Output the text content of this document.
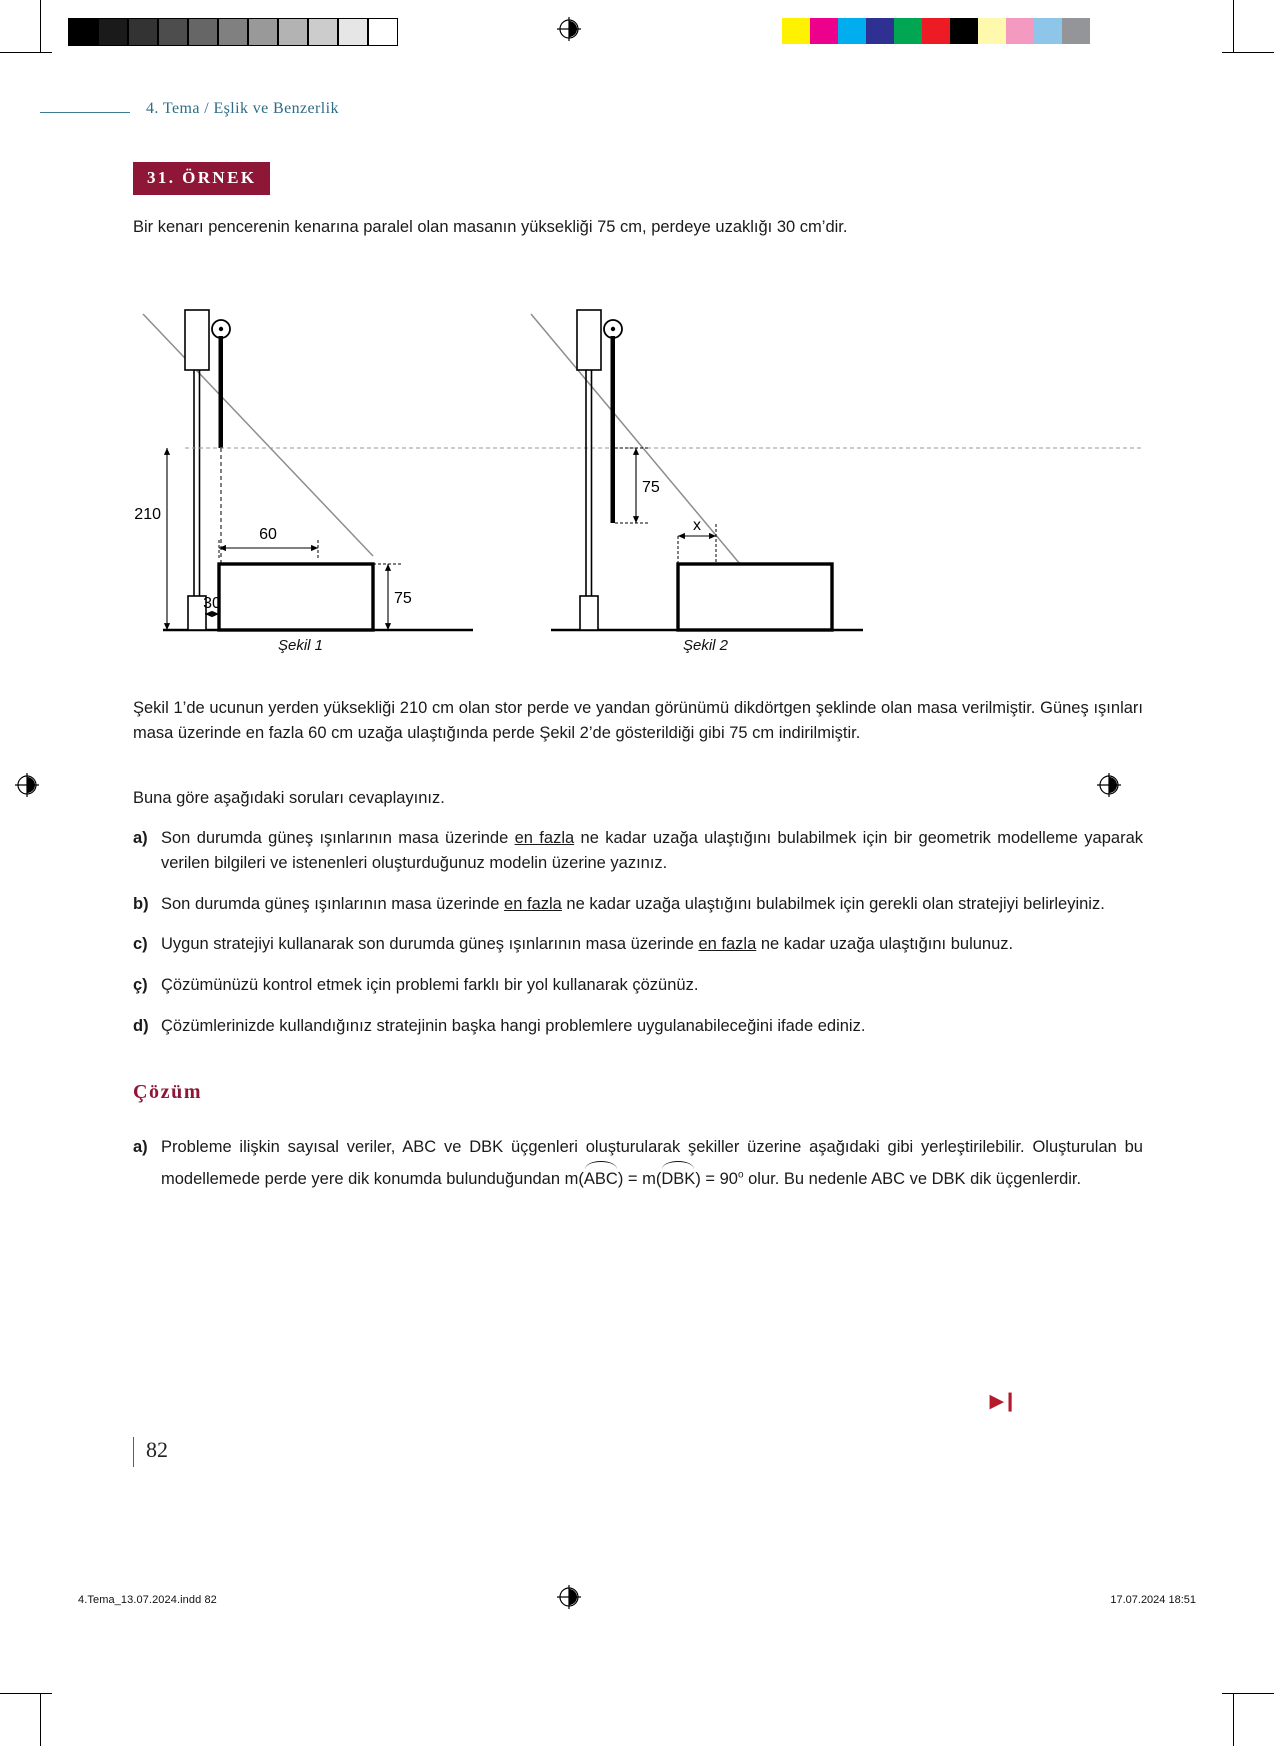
4. Tema / Eşlik ve Benzerlik
31. ÖRNEK
Bir kenarı pencerenin kenarına paralel olan masanın yüksekliği 75 cm, perdeye uzaklığı 30 cm’dir.
210
60
75
30
75
x
Şekil 1	Şekil 2
Şekil 1’de ucunun yerden yüksekliği 210 cm olan stor perde ve yandan görünümü dikdörtgen şeklinde olan masa verilmiştir. Güneş ışınları masa üzerinde en fazla 60 cm uzağa ulaştığında perde Şekil 2’de gösterildiği gibi 75 cm indirilmiştir.
Buna göre aşağıdaki soruları cevaplayınız.
a) Son durumda güneş ışınlarının masa üzerinde en fazla ne kadar uzağa ulaştığını bulabilmek için bir geometrik modelleme yaparak verilen bilgileri ve istenenleri oluşturduğunuz modelin üzerine yazınız.
b) Son durumda güneş ışınlarının masa üzerinde en fazla ne kadar uzağa ulaştığını bulabilmek için gerekli olan stratejiyi belirleyiniz.
c) Uygun stratejiyi kullanarak son durumda güneş ışınlarının masa üzerinde en fazla ne kadar uzağa ulaştığını bulunuz.
ç) Çözümünüzü kontrol etmek için problemi farklı bir yol kullanarak çözünüz.
d) Çözümlerinizde kullandığınız stratejinin başka hangi problemlere uygulanabileceğini ifade ediniz.
Çözüm
a) Probleme ilişkin sayısal veriler, ABC ve DBK üçgenleri oluşturularak şekiller üzerine aşağıdaki gibi yerleştirilebilir. Oluşturulan bu modellemede perde yere dik konumda bulunduğundan m(
ABC) = m(
$DBK) = 90^o$ olur. Bu nedenle ABC ve DBK dik üçgenlerdir.
▶❙
82
4.Tema_13.07.2024.indd 82	17.07.2024 18:51
